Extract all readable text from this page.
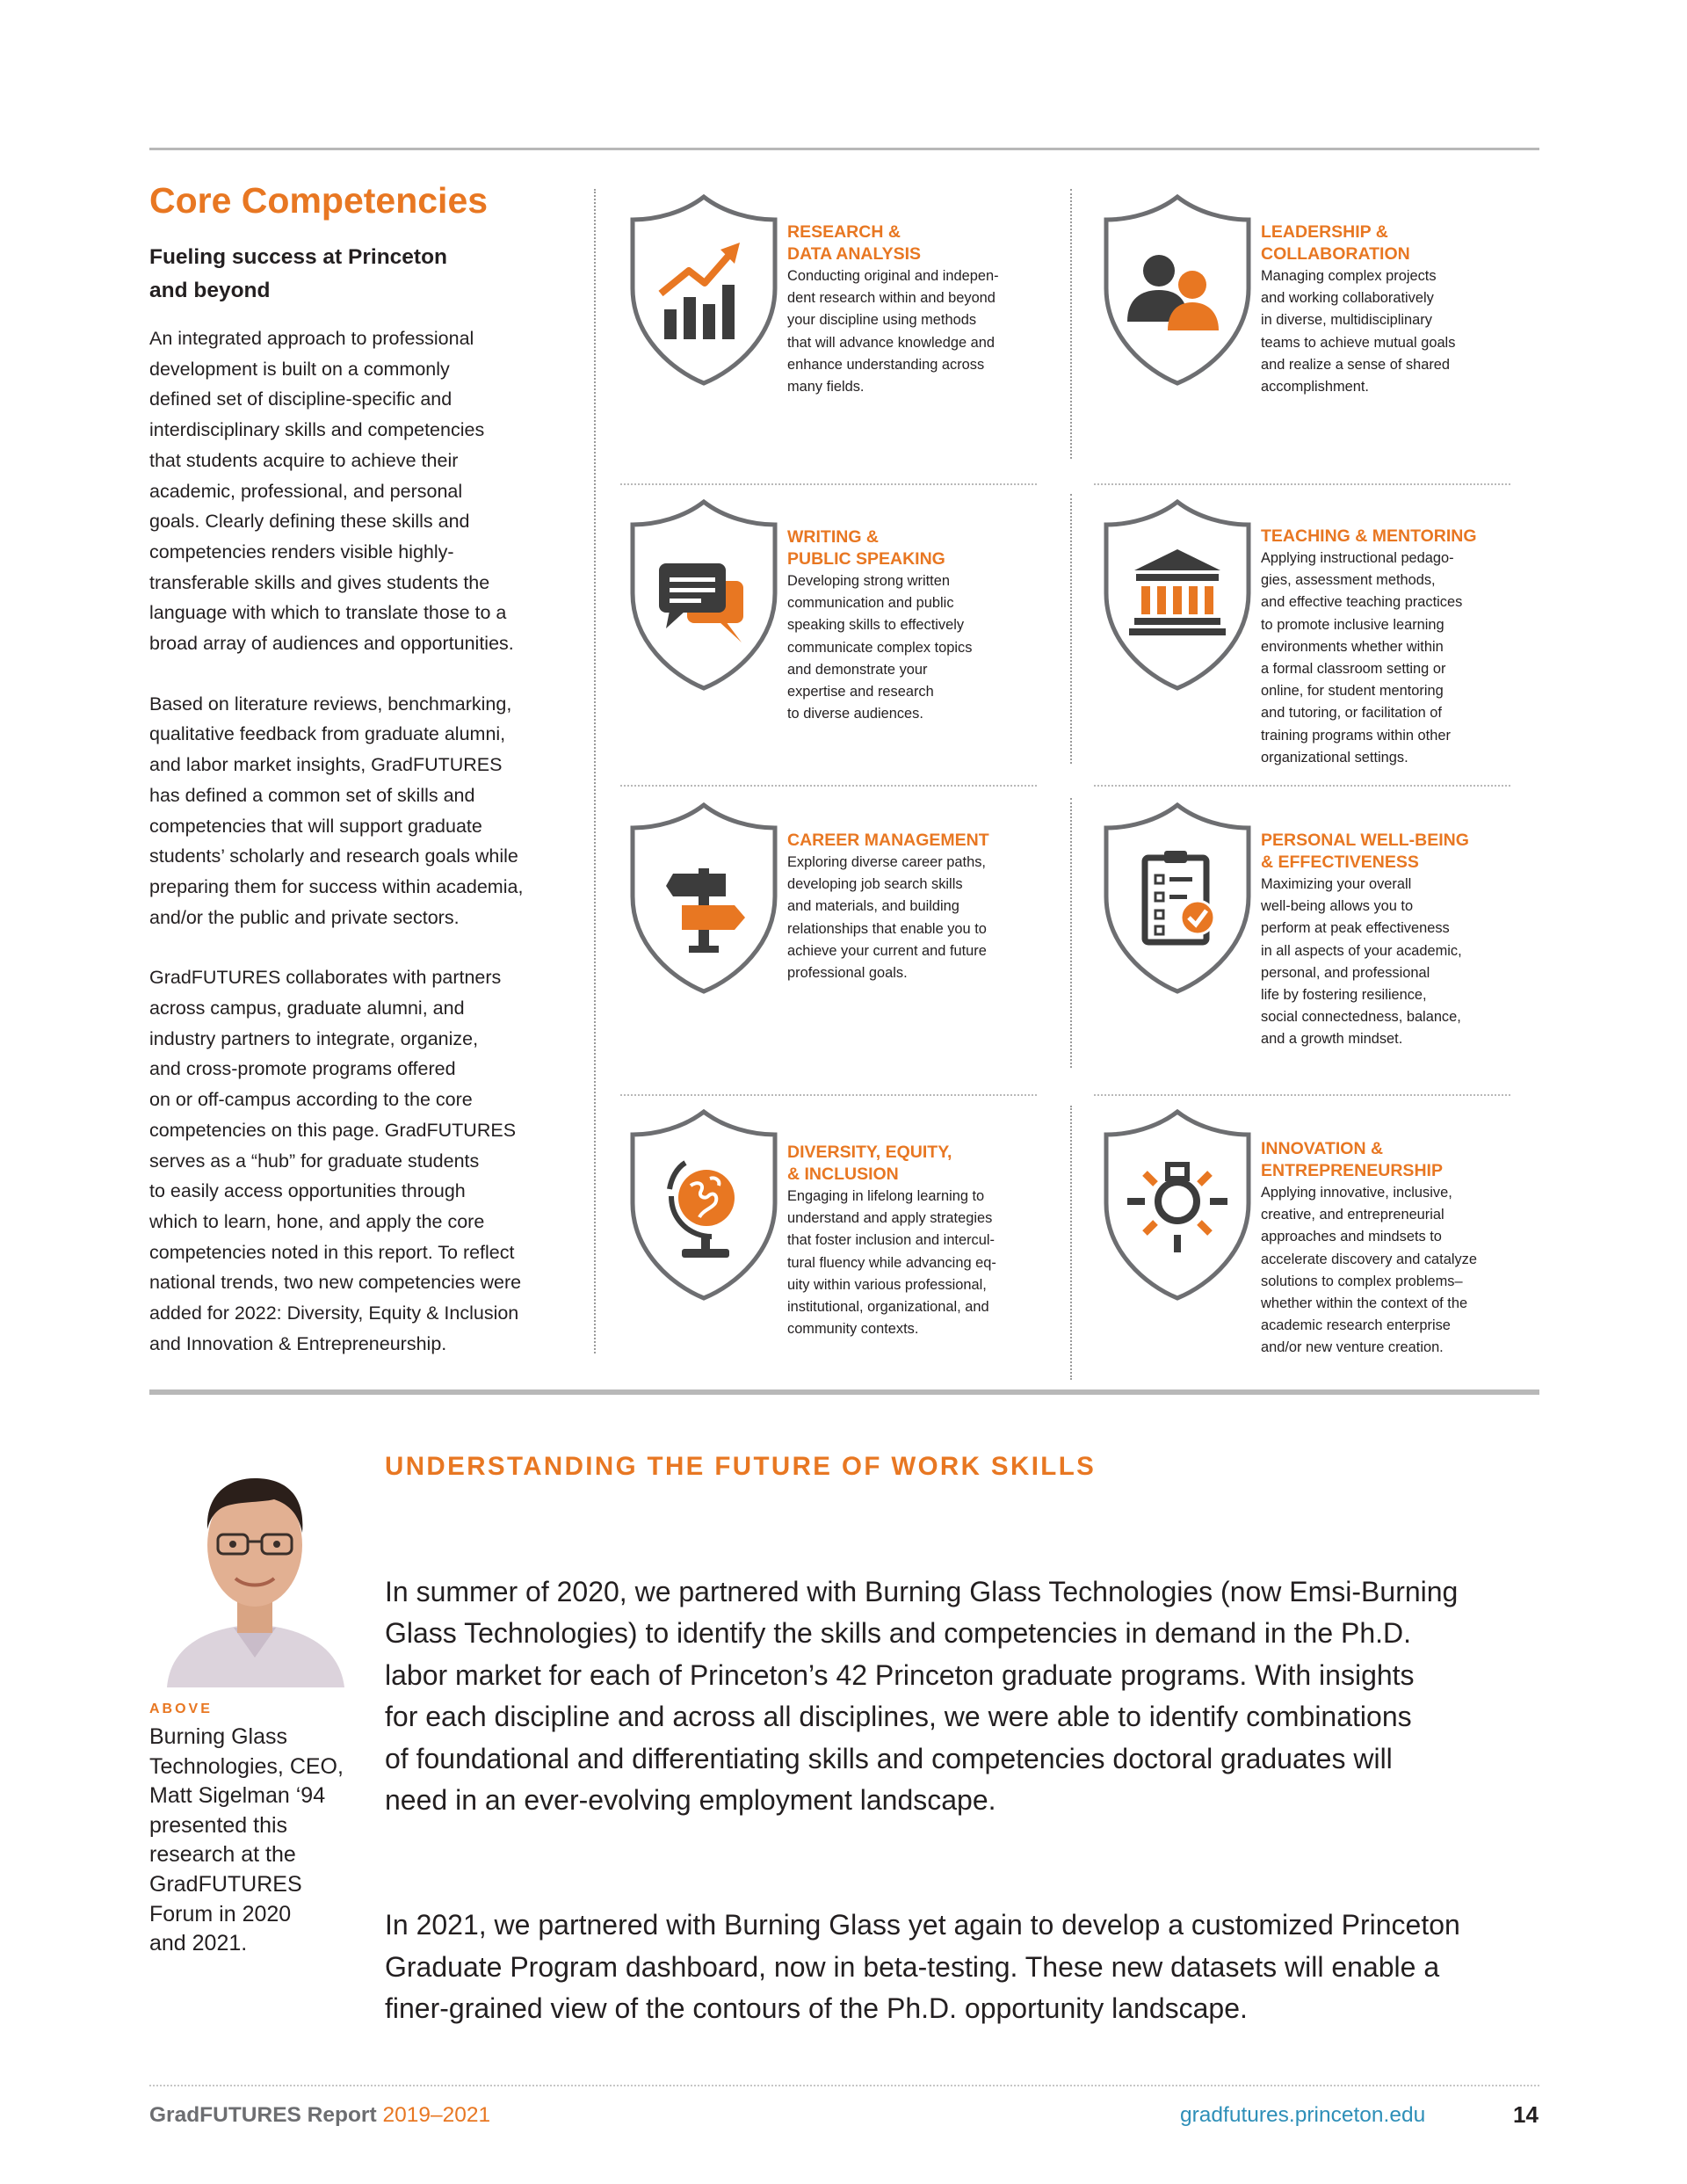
Core Competencies
Fueling success at Princeton
and beyond

An integrated approach to professional
development is built on a commonly
defined set of discipline-specific and
interdisciplinary skills and competencies
that students acquire to achieve their
academic, professional, and personal
goals. Clearly defining these skills and
competencies renders visible highly-
transferable skills and gives students the
language with which to translate those to a
broad array of audiences and opportunities.

Based on literature reviews, benchmarking,
qualitative feedback from graduate alumni,
and labor market insights, GradFUTURES
has defined a common set of skills and
competencies that will support graduate
students’ scholarly and research goals while
preparing them for success within academia,
and/or the public and private sectors.

GradFUTURES collaborates with partners
across campus, graduate alumni, and
industry partners to integrate, organize,
and cross-promote programs offered
on or off-campus according to the core
competencies on this page. GradFUTURES
serves as a “hub” for graduate students
to easily access opportunities through
which to learn, hone, and apply the core
competencies noted in this report. To reflect
national trends, two new competencies were
added for 2022: Diversity, Equity & Inclusion
and Innovation & Entrepreneurship.

RESEARCH &
DATA ANALYSIS
Conducting original and indepen-
dent research within and beyond
your discipline using methods
that will advance knowledge and
enhance understanding across
many fields.
LEADERSHIP &
COLLABORATION
Managing complex projects
and working collaboratively
in diverse, multidisciplinary
teams to achieve mutual goals
and realize a sense of shared
accomplishment.
WRITING &
PUBLIC SPEAKING
Developing strong written
communication and public
speaking skills to effectively
communicate complex topics
and demonstrate your
expertise and research
to diverse audiences.
TEACHING & MENTORING
Applying instructional pedago-
gies, assessment methods,
and effective teaching practices
to promote inclusive learning
environments whether within
a formal classroom setting or
online, for student mentoring
and tutoring, or facilitation of
training programs within other
organizational settings.
CAREER MANAGEMENT
Exploring diverse career paths,
developing job search skills
and materials, and building
relationships that enable you to
achieve your current and future
professional goals.
PERSONAL WELL-BEING
& EFFECTIVENESS
Maximizing your overall
well-being allows you to
perform at peak effectiveness
in all aspects of your academic,
personal, and professional
life by fostering resilience,
social connectedness, balance,
and a growth mindset.
DIVERSITY, EQUITY,
& INCLUSION
Engaging in lifelong learning to
understand and apply strategies
that foster inclusion and intercul-
tural fluency while advancing eq-
uity within various professional,
institutional, organizational, and
community contexts.
INNOVATION &
ENTREPRENEURSHIP
Applying innovative, inclusive,
creative, and entrepreneurial
approaches and mindsets to
accelerate discovery and catalyze
solutions to complex problems–
whether within the context of the
academic research enterprise
and/or new venture creation.
ABOVE
Burning Glass
Technologies, CEO,
Matt Sigelman ‘94
presented this
research at the
GradFUTURES
Forum in 2020
and 2021.
UNDERSTANDING THE FUTURE OF WORK SKILLS

In summer of 2020, we partnered with Burning Glass Technologies (now Emsi-Burning
Glass Technologies) to identify the skills and competencies in demand in the Ph.D.
labor market for each of Princeton’s 42 Princeton graduate programs. With insights
for each discipline and across all disciplines, we were able to identify combinations
of foundational and differentiating skills and competencies doctoral graduates will
need in an ever-evolving employment landscape.

In 2021, we partnered with Burning Glass yet again to develop a customized Princeton
Graduate Program dashboard, now in beta-testing. These new datasets will enable a
finer-grained view of the contours of the Ph.D. opportunity landscape.

GradFUTURES Report 2019–2021	gradfutures.princeton.edu	14
